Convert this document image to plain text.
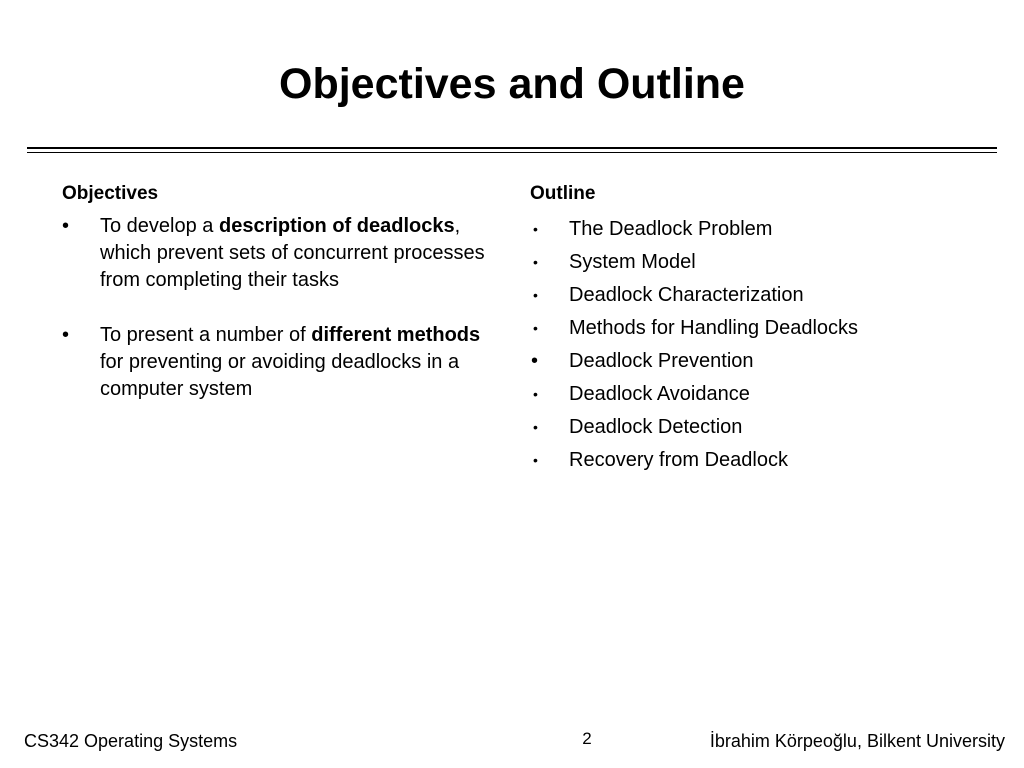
Objectives and Outline
Objectives
•	To develop a description of deadlocks, which prevent sets of concurrent processes from completing their tasks
•	To present a number of different methods for preventing or avoiding deadlocks in a computer system
Outline
•	The Deadlock Problem
•	System Model
•	Deadlock Characterization
•	Methods for Handling Deadlocks
•	Deadlock Prevention
•	Deadlock Avoidance
•	Deadlock Detection
•	Recovery from Deadlock
CS342 Operating Systems	2	İbrahim Körpeoğlu, Bilkent University
